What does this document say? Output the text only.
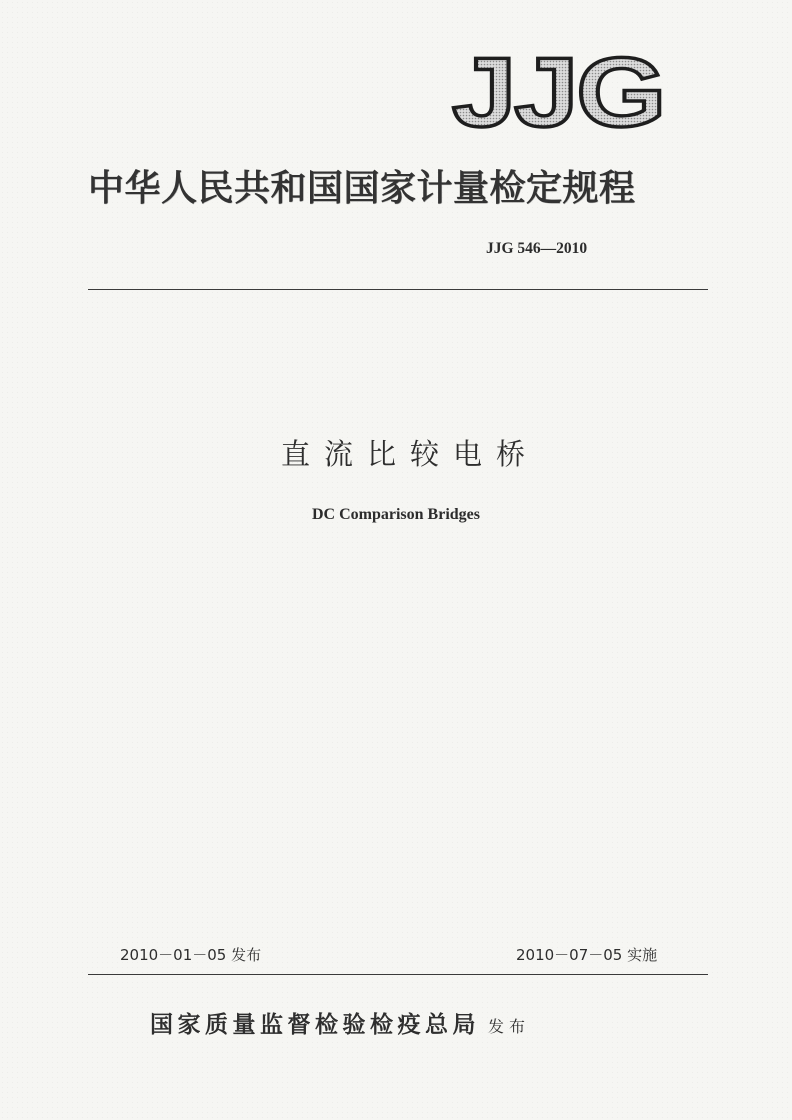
JJG
中华人民共和国国家计量检定规程
JJG 546—2010
直流比较电桥
DC Comparison Bridges
2010－01－05 发布	2010－07－05 实施
国家质量监督检验检疫总局 发布
